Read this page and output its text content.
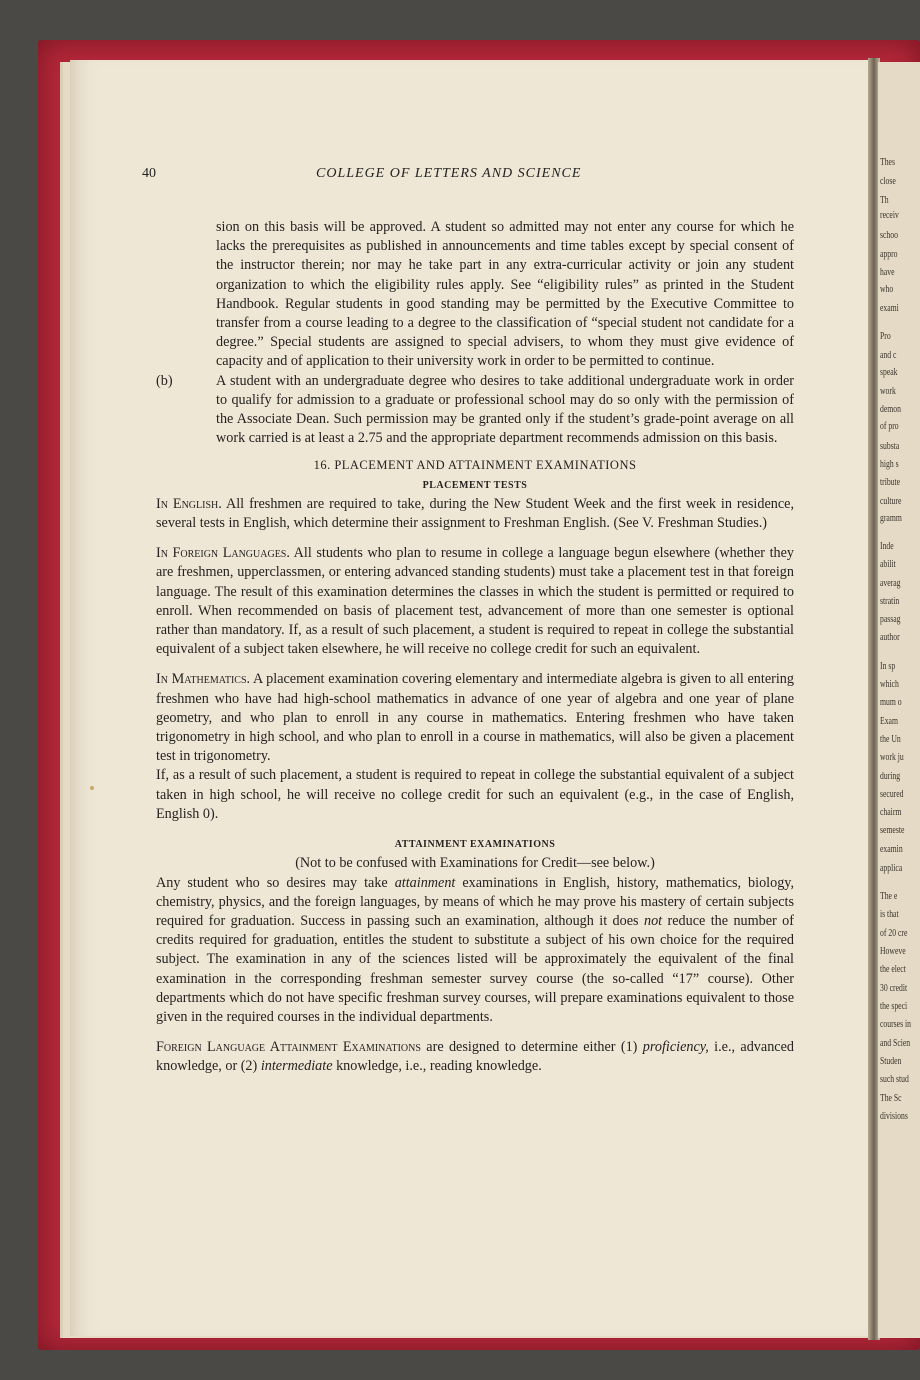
Thes
close
Th
receiv
schoo
appro
have
who
exami
Pro
and c
speak
work
demon
of pro
substa
high s
tribute
culture
gramm
Inde
abilit
averag
stratin
passag
author
In sp
which
mum o
Exam
the Un
work ju
during
secured
chairm
semeste
examin
applica
The e
is that
of 20 cre
Howeve
the elect
30 credit
the speci
courses in
and Scien
Studen
such stud
The Sc
divisions
40	COLLEGE OF LETTERS AND SCIENCE

sion on this basis will be approved. A student so admitted may not enter any course for which he lacks the prerequisites as published in announcements and time tables except by special consent of the instructor therein; nor may he take part in any extra-curricular activity or join any student organization to which the eligibility rules apply. See “eligibility rules” as printed in the Student Handbook. Regular students in good standing may be permitted by the Executive Committee to transfer from a course leading to a degree to the classification of “special student not candidate for a degree.” Special students are assigned to special advisers, to whom they must give evidence of capacity and of application to their university work in order to be permitted to continue.

(b)	A student with an undergraduate degree who desires to take additional undergraduate work in order to qualify for admission to a graduate or professional school may do so only with the permission of the Associate Dean. Such permission may be granted only if the student’s grade-point average on all work carried is at least a 2.75 and the appropriate department recommends admission on this basis.

16. PLACEMENT AND ATTAINMENT EXAMINATIONS

PLACEMENT TESTS

In English. All freshmen are required to take, during the New Student Week and the first week in residence, several tests in English, which determine their assignment to Freshman English. (See V. Freshman Studies.)

In Foreign Languages. All students who plan to resume in college a language begun elsewhere (whether they are freshmen, upperclassmen, or entering advanced standing students) must take a placement test in that foreign language. The result of this examination determines the classes in which the student is permitted or required to enroll. When recommended on basis of placement test, advancement of more than one semester is optional rather than mandatory. If, as a result of such placement, a student is required to repeat in college the substantial equivalent of a subject taken elsewhere, he will receive no college credit for such an equivalent.

In Mathematics. A placement examination covering elementary and intermediate algebra is given to all entering freshmen who have had high-school mathematics in advance of one year of algebra and one year of plane geometry, and who plan to enroll in any course in mathematics. Entering freshmen who have taken trigonometry in high school, and who plan to enroll in a course in mathematics, will also be given a placement test in trigonometry.

If, as a result of such placement, a student is required to repeat in college the substantial equivalent of a subject taken in high school, he will receive no college credit for such an equivalent (e.g., in the case of English, English 0).

ATTAINMENT EXAMINATIONS

(Not to be confused with Examinations for Credit—see below.)

Any student who so desires may take attainment examinations in English, history, mathematics, biology, chemistry, physics, and the foreign languages, by means of which he may prove his mastery of certain subjects required for graduation. Success in passing such an examination, although it does not reduce the number of credits required for graduation, entitles the student to substitute a subject of his own choice for the required subject. The examination in any of the sciences listed will be approximately the equivalent of the final examination in the corresponding freshman semester survey course (the so-called “17” course). Other departments which do not have specific freshman survey courses, will prepare examinations equivalent to those given in the required courses in the individual departments.

Foreign Language Attainment Examinations are designed to determine either (1) proficiency, i.e., advanced knowledge, or (2) intermediate knowledge, i.e., reading knowledge.
